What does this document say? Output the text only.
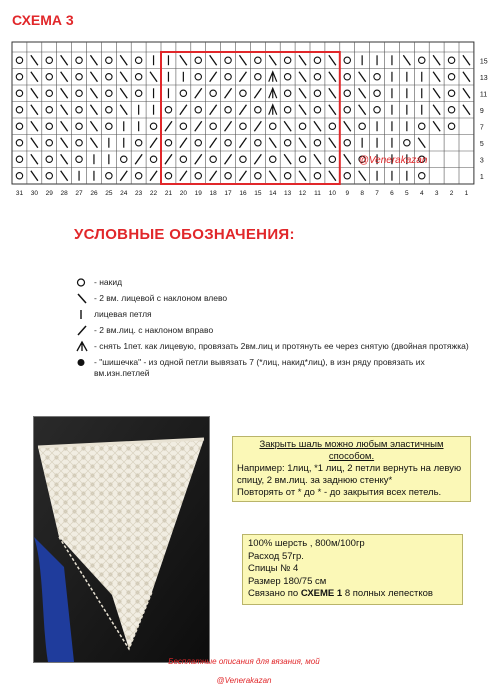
СХЕМА 3
15
13
11
9
7
5
3
1
31 30 29 28 27 26 25 24 23 22 21 20 19 18 17 16 15 14 13 12 11 10 9 8 7 6 5 4 3 2 1
@Venerakazan
УСЛОВНЫЕ ОБОЗНАЧЕНИЯ:
- накид
- 2 вм. лицевой с наклоном влево
лицевая петля
- 2 вм.лиц. с наклоном вправо
- снять 1пет. как лицевую, провязать 2вм.лиц и протянуть ее через снятую (двойная протяжка)
- "шишечка" - из одной петли вывязать 7 (*лиц, накид*лиц), в изн ряду провязать их вм.изн.петлей
Закрыть шаль можно любым эластичным способом.
Например: 1лиц, *1 лиц, 2 петли вернуть на левую спицу, 2 вм.лиц. за заднюю стенку*
Повторять от * до * - до закрытия всех петель.
100% шерсть , 800м/100гр
Расход 57гр.
Спицы № 4
Размер 180/75 см
Связано по СХЕМЕ 1 8 полных лепестков
Бесплатные описания для вязания, мой
@Venerakazan
